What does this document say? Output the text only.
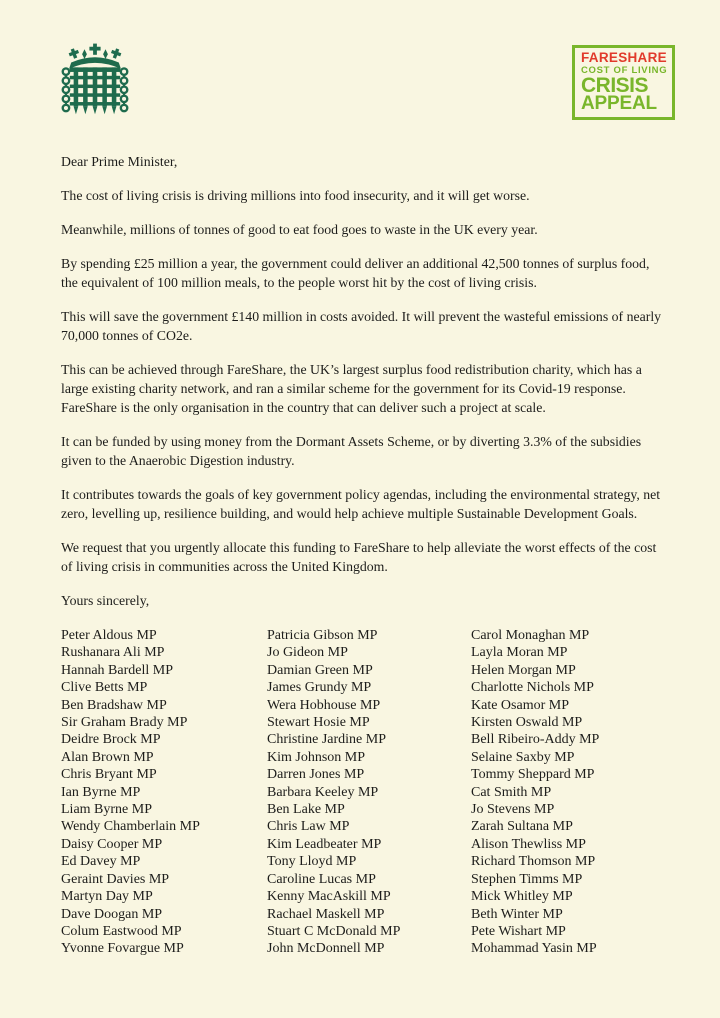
FARESHARE
COST OF LIVING
CRISIS
APPEAL

Dear Prime Minister,

The cost of living crisis is driving millions into food insecurity, and it will get worse.

Meanwhile, millions of tonnes of good to eat food goes to waste in the UK every year.

By spending £25 million a year, the government could deliver an additional 42,500 tonnes of surplus food, the equivalent of 100 million meals, to the people worst hit by the cost of living crisis.

This will save the government £140 million in costs avoided. It will prevent the wasteful emissions of nearly 70,000 tonnes of CO2e.

This can be achieved through FareShare, the UK’s largest surplus food redistribution charity, which has a large existing charity network, and ran a similar scheme for the government for its Covid-19 response. FareShare is the only organisation in the country that can deliver such a project at scale.

It can be funded by using money from the Dormant Assets Scheme, or by diverting 3.3% of the subsidies given to the Anaerobic Digestion industry.

It contributes towards the goals of key government policy agendas, including the environmental strategy, net zero, levelling up, resilience building, and would help achieve multiple Sustainable Development Goals.

We request that you urgently allocate this funding to FareShare to help alleviate the worst effects of the cost of living crisis in communities across the United Kingdom.

Yours sincerely,

Peter Aldous MP
Rushanara Ali MP
Hannah Bardell MP
Clive Betts MP
Ben Bradshaw MP
Sir Graham Brady MP
Deidre Brock MP
Alan Brown MP
Chris Bryant MP
Ian Byrne MP
Liam Byrne MP
Wendy Chamberlain MP
Daisy Cooper MP
Ed Davey MP
Geraint Davies MP
Martyn Day MP
Dave Doogan MP
Colum Eastwood MP
Yvonne Fovargue MP
Patricia Gibson MP
Jo Gideon MP
Damian Green MP
James Grundy MP
Wera Hobhouse MP
Stewart Hosie MP
Christine Jardine MP
Kim Johnson MP
Darren Jones MP
Barbara Keeley MP
Ben Lake MP
Chris Law MP
Kim Leadbeater MP
Tony Lloyd MP
Caroline Lucas MP
Kenny MacAskill MP
Rachael Maskell MP
Stuart C McDonald MP
John McDonnell MP
Carol Monaghan MP
Layla Moran MP
Helen Morgan MP
Charlotte Nichols MP
Kate Osamor MP
Kirsten Oswald MP
Bell Ribeiro-Addy MP
Selaine Saxby MP
Tommy Sheppard MP
Cat Smith MP
Jo Stevens MP
Zarah Sultana MP
Alison Thewliss MP
Richard Thomson MP
Stephen Timms MP
Mick Whitley MP
Beth Winter MP
Pete Wishart MP
Mohammad Yasin MP
